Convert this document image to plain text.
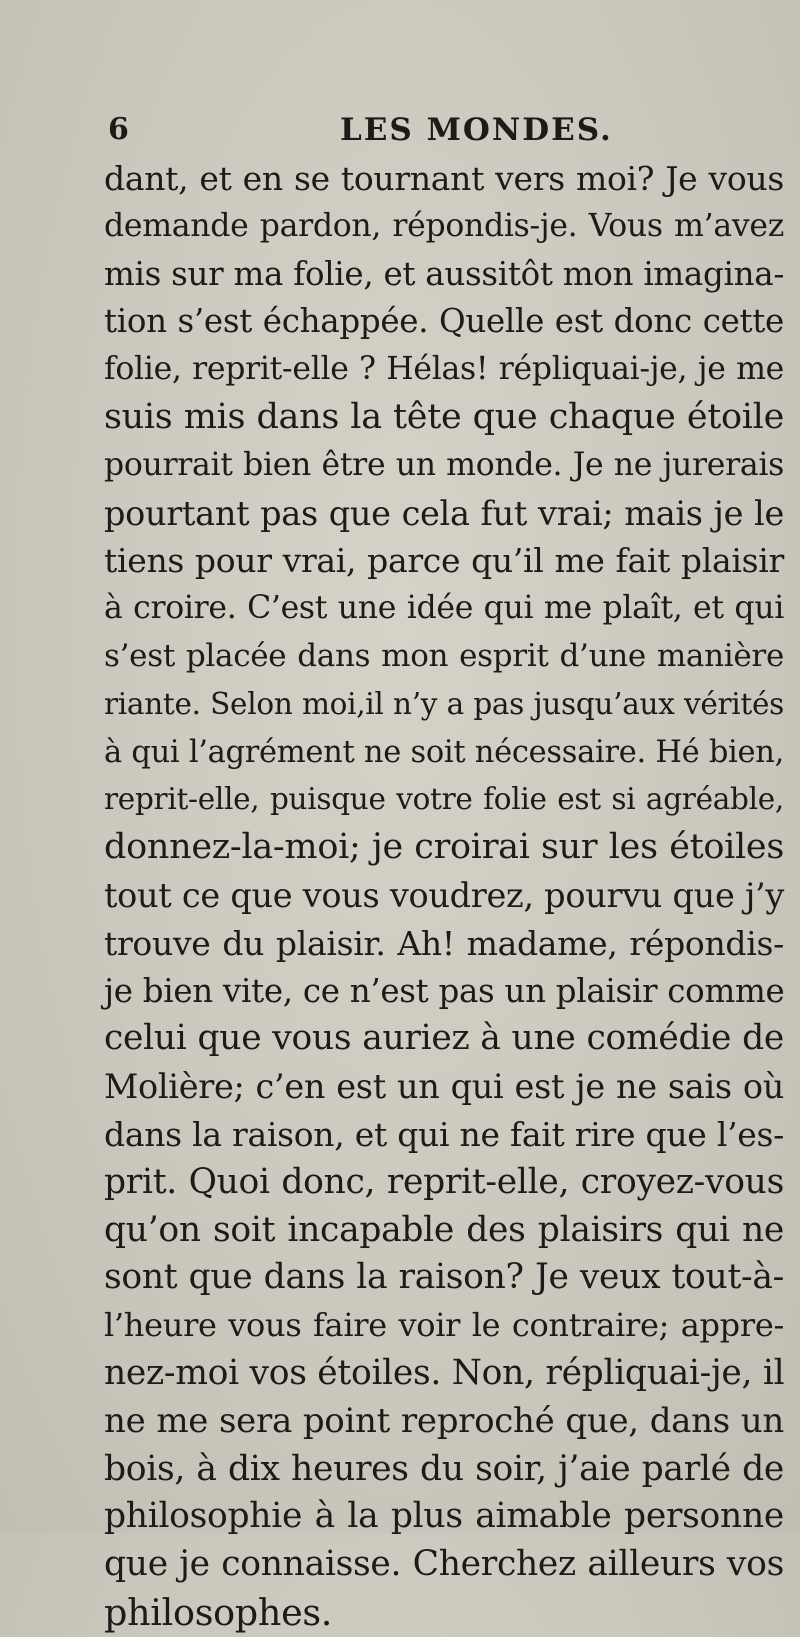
6	LES MONDES.
dant, et en se tournant vers moi? Je vous
demande pardon, répondis-je. Vous m’avez
mis sur ma folie, et aussitôt mon imagina-
tion s’est échappée. Quelle est donc cette
folie, reprit-elle ? Hélas! répliquai-je, je me
suis mis dans la tête que chaque étoile
pourrait bien être un monde. Je ne jurerais
pourtant pas que cela fut vrai; mais je le
tiens pour vrai, parce qu’il me fait plaisir
à croire. C’est une idée qui me plaît, et qui
s’est placée dans mon esprit d’une manière
riante. Selon moi,il n’y a pas jusqu’aux vérités
à qui l’agrément ne soit nécessaire. Hé bien,
reprit-elle, puisque votre folie est si agréable,
donnez-la-moi; je croirai sur les étoiles
tout ce que vous voudrez, pourvu que j’y
trouve du plaisir. Ah! madame, répondis-
je bien vite, ce n’est pas un plaisir comme
celui que vous auriez à une comédie de
Molière; c’en est un qui est je ne sais où
dans la raison, et qui ne fait rire que l’es-
prit. Quoi donc, reprit-elle, croyez-vous
qu’on soit incapable des plaisirs qui ne
sont que dans la raison? Je veux tout-à-
l’heure vous faire voir le contraire; appre-
nez-moi vos étoiles. Non, répliquai-je, il
ne me sera point reproché que, dans un
bois, à dix heures du soir, j’aie parlé de
philosophie à la plus aimable personne
que je connaisse. Cherchez ailleurs vos
philosophes.
